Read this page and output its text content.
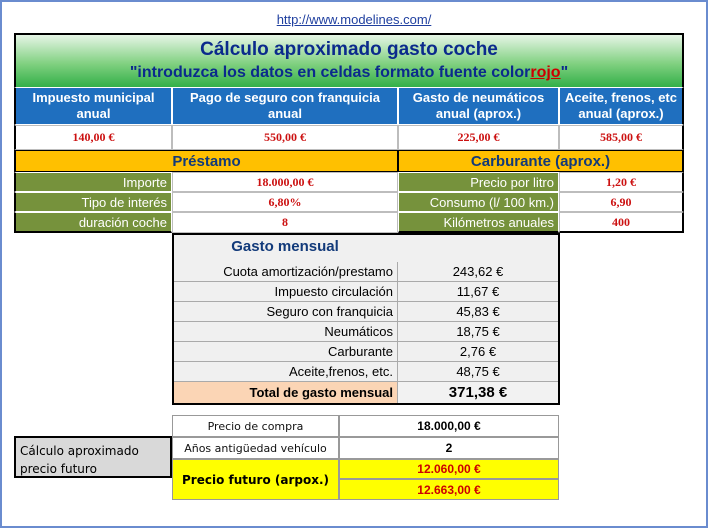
http://www.modelines.com/
Cálculo aproximado gasto coche
"introduzca los datos en celdas formato fuente color rojo "
Impuesto municipal anual
Pago de seguro con franquicia anual
Gasto de neumáticos anual (aprox.)
Aceite, frenos, etc anual (aprox.)
140,00 €	550,00 €	225,00 €	585,00 €
Préstamo	Carburante (aprox.)
Importe	18.000,00 €
Tipo de interés	6,80%
duración coche	8
Precio por litro	1,20 €
Consumo (l/ 100 km.)	6,90
Kilómetros anuales	400
Gasto mensual
Cuota amortización/prestamo	243,62 €
Impuesto circulación	11,67 €
Seguro con franquicia	45,83 €
Neumáticos	18,75 €
Carburante	2,76 €
Aceite,frenos, etc.	48,75 €
Total de gasto mensual	371,38 €
Precio de compra	18.000,00 €
Años antigüedad vehículo	2
Precio futuro (arpox.)
12.060,00 €
12.663,00 €
Cálculo aproximado precio futuro
